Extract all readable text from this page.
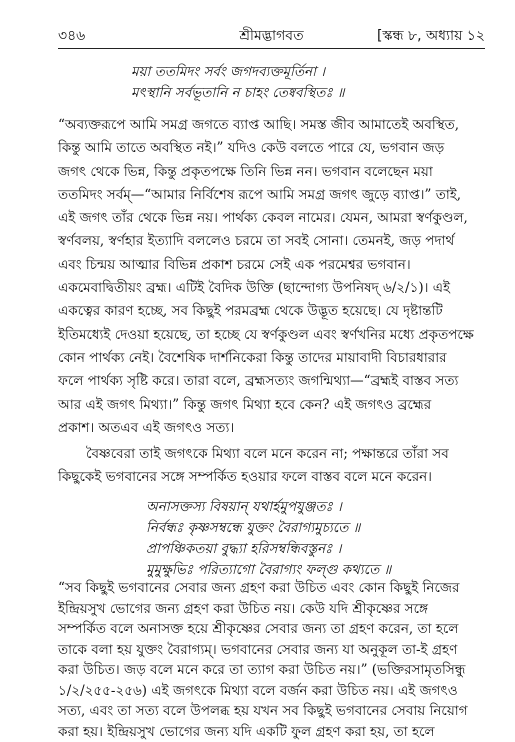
৩৪৬	শ্রীমদ্ভাগবত	[স্কন্ধ ৮, অধ্যায় ১২
ময়া ততমিদং সর্বং জগদব্যক্তমূর্তিনা ।
মৎস্থানি সর্বভূতানি ন চাহং তেষ্ববস্থিতঃ ॥
“অব্যক্তরূপে আমি সমগ্র জগতে ব্যাপ্ত আছি। সমস্ত জীব আমাতেই অবস্থিত,
কিন্তু আমি তাতে অবস্থিত নই।” যদিও কেউ বলতে পারে যে, ভগবান জড়
জগৎ থেকে ভিন্ন, কিন্তু প্রকৃতপক্ষে তিনি ভিন্ন নন। ভগবান বলেছেন ময়া
ততমিদং সর্বম্—“আমার নির্বিশেষ রূপে আমি সমগ্র জগৎ জুড়ে ব্যাপ্ত।” তাই,
এই জগৎ তাঁর থেকে ভিন্ন নয়। পার্থক্য কেবল নামের। যেমন, আমরা স্বর্ণকুণ্ডল,
স্বর্ণবলয়, স্বর্ণহার ইত্যাদি বললেও চরমে তা সবই সোনা। তেমনই, জড় পদার্থ
এবং চিন্ময় আত্মার বিভিন্ন প্রকাশ চরমে সেই এক পরমেশ্বর ভগবান।
একমেবাদ্বিতীয়ং ব্রহ্ম। এটিই বৈদিক উক্তি (ছান্দোগ্য উপনিষদ্ ৬/২/১)। এই
একত্বের কারণ হচ্ছে, সব কিছুই পরমব্রহ্ম থেকে উদ্ভূত হয়েছে। যে দৃষ্টান্তটি
ইতিমধ্যেই দেওয়া হয়েছে, তা হচ্ছে যে স্বর্ণকুণ্ডল এবং স্বর্ণখনির মধ্যে প্রকৃতপক্ষে
কোন পার্থক্য নেই। বৈশেষিক দার্শনিকেরা কিন্তু তাদের মায়াবাদী বিচারধারার
ফলে পার্থক্য সৃষ্টি করে। তারা বলে, ব্রহ্মসত্যং জগন্মিথ্যা—“ব্রহ্মই বাস্তব সত্য
আর এই জগৎ মিথ্যা।” কিন্তু জগৎ মিথ্যা হবে কেন? এই জগৎও ব্রহ্মের
প্রকাশ। অতএব এই জগৎও সত্য।
বৈষ্ণবেরা তাই জগৎকে মিথ্যা বলে মনে করেন না; পক্ষান্তরে তাঁরা সব
কিছুকেই ভগবানের সঙ্গে সম্পর্কিত হওয়ার ফলে বাস্তব বলে মনে করেন।
অনাসক্তস্য বিষয়ান্ যথার্হমুপযুঞ্জতঃ ।
নির্বন্ধঃ কৃষ্ণসম্বন্ধে যুক্তং বৈরাগ্যমুচ্যতে ॥
প্রাপঞ্চিকতয়া বুদ্ধ্যা হরিসম্বন্ধিবস্তুনঃ ।
মুমুক্ষুভিঃ পরিত্যাগো বৈরাগ্যং ফল্গু কথ্যতে ॥
“সব কিছুই ভগবানের সেবার জন্য গ্রহণ করা উচিত এবং কোন কিছুই নিজের
ইন্দ্রিয়সুখ ভোগের জন্য গ্রহণ করা উচিত নয়। কেউ যদি শ্রীকৃষ্ণের সঙ্গে
সম্পর্কিত বলে অনাসক্ত হয়ে শ্রীকৃষ্ণের সেবার জন্য তা গ্রহণ করেন, তা হলে
তাকে বলা হয় যুক্তং বৈরাগ্যম্। ভগবানের সেবার জন্য যা অনুকূল তা-ই গ্রহণ
করা উচিত। জড় বলে মনে করে তা ত্যাগ করা উচিত নয়।” (ভক্তিরসামৃতসিন্ধু
১/২/২৫৫-২৫৬) এই জগৎকে মিথ্যা বলে বর্জন করা উচিত নয়। এই জগৎও
সত্য, এবং তা সত্য বলে উপলব্ধ হয় যখন সব কিছুই ভগবানের সেবায় নিয়োগ
করা হয়। ইন্দ্রিয়সুখ ভোগের জন্য যদি একটি ফুল গ্রহণ করা হয়, তা হলে
